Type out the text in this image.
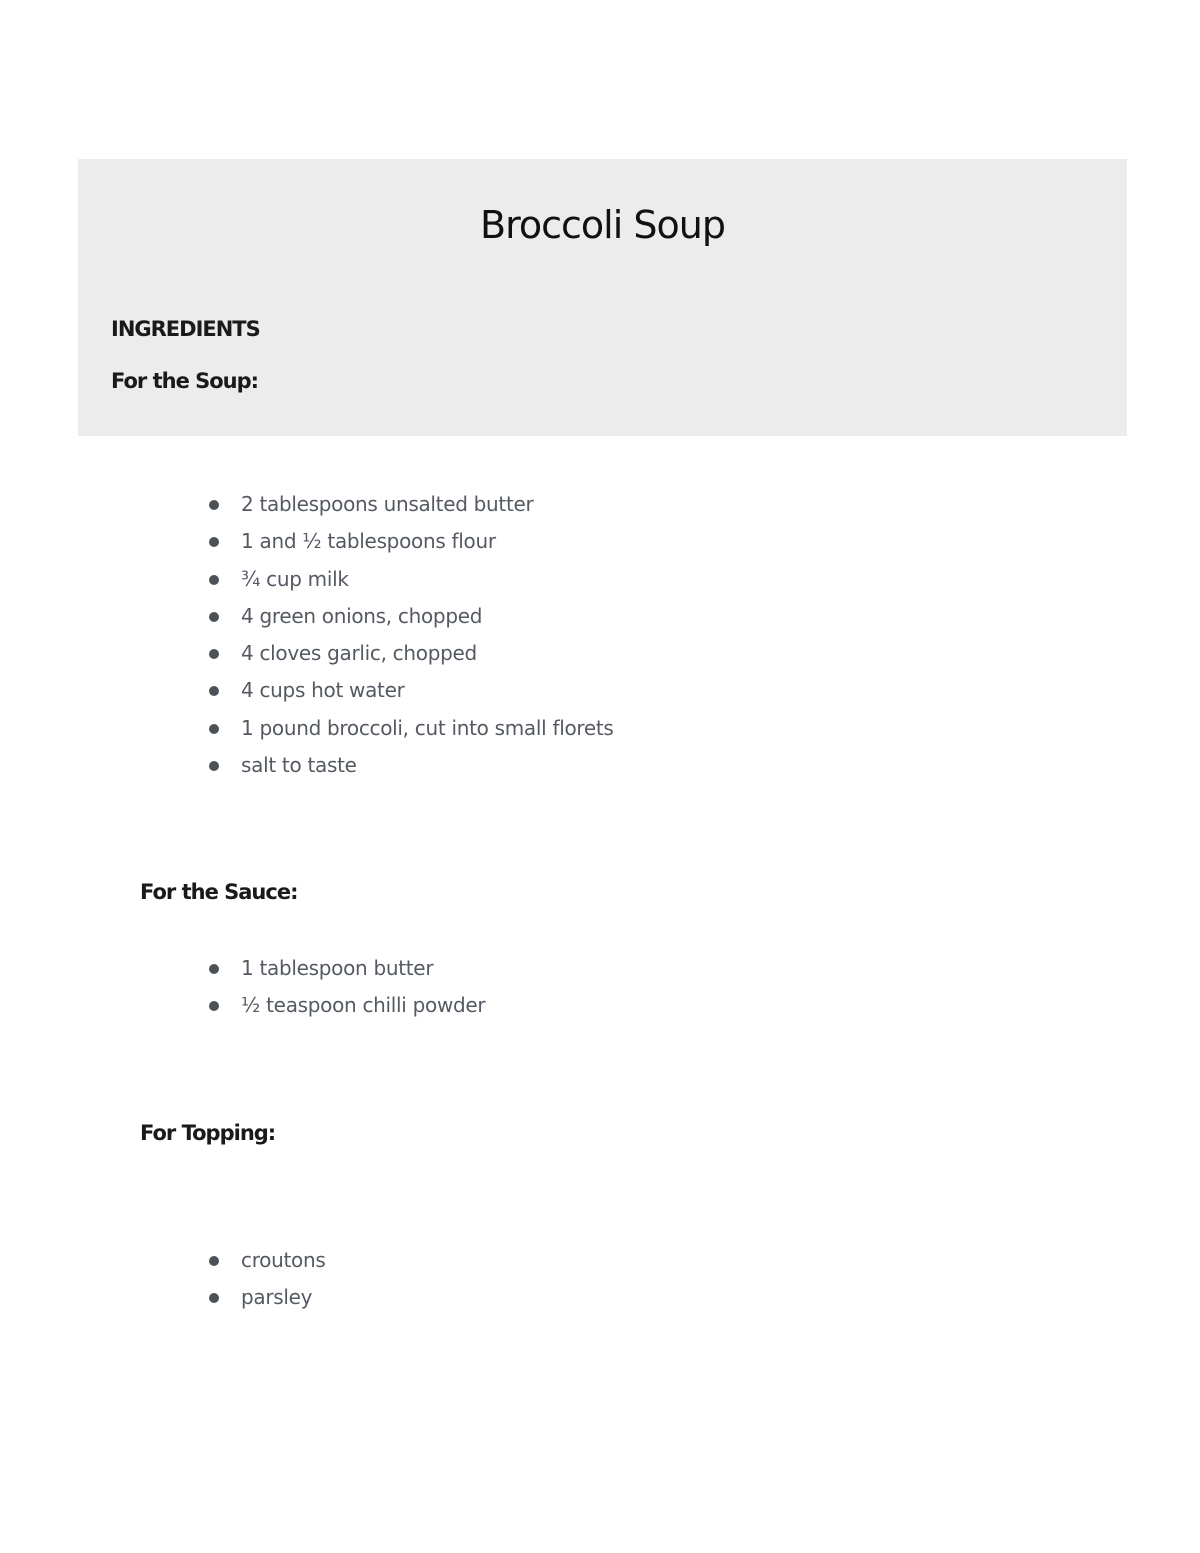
Broccoli Soup
INGREDIENTS
For the Soup:
2 tablespoons unsalted butter
1 and ½ tablespoons flour
¾ cup milk
4 green onions, chopped
4 cloves garlic, chopped
4 cups hot water
1 pound broccoli, cut into small florets
salt to taste
For the Sauce:
1 tablespoon butter
½ teaspoon chilli powder
For Topping:
croutons
parsley
